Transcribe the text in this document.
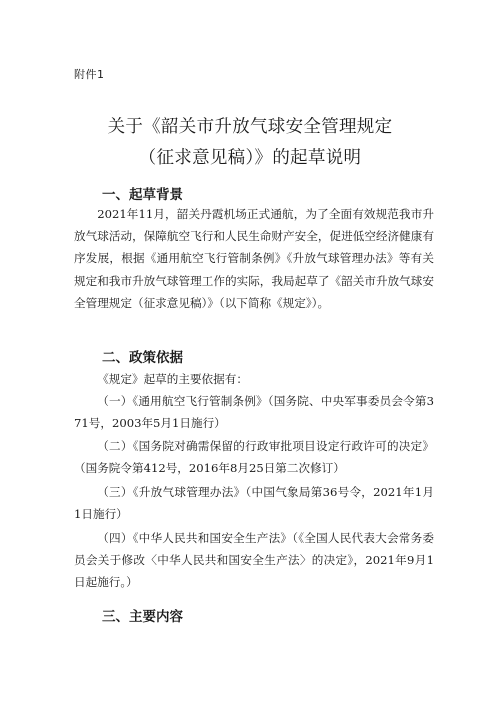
附件1
关于《韶关市升放气球安全管理规定
（征求意见稿）》的起草说明
一、起草背景
2021年11月，韶关丹霞机场正式通航，为了全面有效规范我市升放气球活动，保障航空飞行和人民生命财产安全，促进低空经济健康有序发展，根据《通用航空飞行管制条例》《升放气球管理办法》等有关规定和我市升放气球管理工作的实际，我局起草了《韶关市升放气球安全管理规定（征求意见稿）》（以下简称《规定》）。
二、政策依据
《规定》起草的主要依据有：
（一）《通用航空飞行管制条例》（国务院、中央军事委员会令第371号，2003年5月1日施行）
（二）《国务院对确需保留的行政审批项目设定行政许可的决定》（国务院令第412号，2016年8月25日第二次修订）
（三）《升放气球管理办法》（中国气象局第36号令，2021年1月1日施行）
（四）《中华人民共和国安全生产法》（《全国人民代表大会常务委员会关于修改〈中华人民共和国安全生产法〉的决定》，2021年9月1日起施行。）
三、主要内容
